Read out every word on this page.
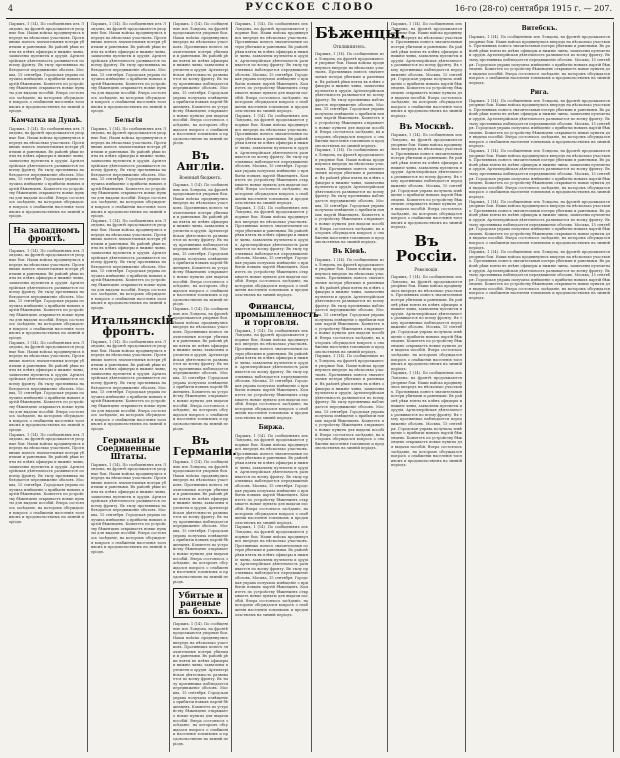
4	РУССКОЕ СЛОВО	16-го (28-го) сентября 1915 г. — 207.
Парижъ, 1 (14). По сообщеніямъ изъ Лондона, на фронтѣ продолжаются упорные бои. Наши войска продвинулись впередъ на нѣсколько участковъ. Противникъ понесъ значительныя потери убитыми и ранеными. Въ районѣ рѣки взяты въ плѣнъ офицеры и нижніе чины, захвачены пулеметы и орудія. Артиллерійская дѣятельность развивается по всему фронту. Въ тылу противника наблюдается передвиженіе обозовъ. Москва, 15 сентября. Городская управа получила извѣщеніе о прибытіи новыхъ партій бѣженцевъ. Комитетъ по устройству бѣженцевъ открываетъ новые пункты для выдачи пособій. Вчера состоялось засѣданіе, на которомъ обсуждался вопросъ о снабженіи населенія топливомъ и продовольствіемъ на зимній періодъ.
Камчатка на Дунаѣ.
Парижъ, 1 (14). По сообщеніямъ изъ Лондона, на фронтѣ продолжаются упорные бои. Наши войска продвинулись впередъ на нѣсколько участковъ. Противникъ понесъ значительныя потери убитыми и ранеными. Въ районѣ рѣки взяты въ плѣнъ офицеры и нижніе чины, захвачены пулеметы и орудія. Артиллерійская дѣятельность развивается по всему фронту. Въ тылу противника наблюдается передвиженіе обозовъ. Москва, 15 сентября. Городская управа получила извѣщеніе о прибытіи новыхъ партій бѣженцевъ. Комитетъ по устройству бѣженцевъ открываетъ новые пункты для выдачи пособій. Вчера состоялось засѣданіе, на которомъ обсуждался вопросъ о снабженіи населенія топливомъ и продовольствіемъ на зимній періодъ.
На западномъ фронтѣ.
Парижъ, 1 (14). По сообщеніямъ изъ Лондона, на фронтѣ продолжаются упорные бои. Наши войска продвинулись впередъ на нѣсколько участковъ. Противникъ понесъ значительныя потери убитыми и ранеными. Въ районѣ рѣки взяты въ плѣнъ офицеры и нижніе чины, захвачены пулеметы и орудія. Артиллерійская дѣятельность развивается по всему фронту. Въ тылу противника наблюдается передвиженіе обозовъ. Москва, 15 сентября. Городская управа получила извѣщеніе о прибытіи новыхъ партій бѣженцевъ. Комитетъ по устройству бѣженцевъ открываетъ новые пункты для выдачи пособій. Вчера состоялось засѣданіе, на которомъ обсуждался вопросъ о снабженіи населенія топливомъ и продовольствіемъ на зимній періодъ.
Парижъ, 1 (14). По сообщеніямъ изъ Лондона, на фронтѣ продолжаются упорные бои. Наши войска продвинулись впередъ на нѣсколько участковъ. Противникъ понесъ значительныя потери убитыми и ранеными. Въ районѣ рѣки взяты въ плѣнъ офицеры и нижніе чины, захвачены пулеметы и орудія. Артиллерійская дѣятельность развивается по всему фронту. Въ тылу противника наблюдается передвиженіе обозовъ. Москва, 15 сентября. Городская управа получила извѣщеніе о прибытіи новыхъ партій бѣженцевъ. Комитетъ по устройству бѣженцевъ открываетъ новые пункты для выдачи пособій. Вчера состоялось засѣданіе, на которомъ обсуждался вопросъ о снабженіи населенія топливомъ и продовольствіемъ на зимній періодъ.
Парижъ, 1 (14). По сообщеніямъ изъ Лондона, на фронтѣ продолжаются упорные бои. Наши войска продвинулись впередъ на нѣсколько участковъ. Противникъ понесъ значительныя потери убитыми и ранеными. Въ районѣ рѣки взяты въ плѣнъ офицеры и нижніе чины, захвачены пулеметы и орудія. Артиллерійская дѣятельность развивается по всему фронту. Въ тылу противника наблюдается передвиженіе обозовъ. Москва, 15 сентября. Городская управа получила извѣщеніе о прибытіи новыхъ партій бѣженцевъ. Комитетъ по устройству бѣженцевъ открываетъ новые пункты для выдачи пособій. Вчера состоялось засѣданіе, на которомъ обсуждался вопросъ о снабженіи населенія топливомъ и продовольствіемъ на зимній періодъ.
Парижъ, 1 (14). По сообщеніямъ изъ Лондона, на фронтѣ продолжаются упорные бои. Наши войска продвинулись впередъ на нѣсколько участковъ. Противникъ понесъ значительныя потери убитыми и ранеными. Въ районѣ рѣки взяты въ плѣнъ офицеры и нижніе чины, захвачены пулеметы и орудія. Артиллерійская дѣятельность развивается по всему фронту. Въ тылу противника наблюдается передвиженіе обозовъ. Москва, 15 сентября. Городская управа получила извѣщеніе о прибытіи новыхъ партій бѣженцевъ. Комитетъ по устройству бѣженцевъ открываетъ новые пункты для выдачи пособій. Вчера состоялось засѣданіе, на которомъ обсуждался вопросъ о снабженіи населенія топливомъ и продовольствіемъ на зимній періодъ.
Бельгія
Парижъ, 1 (14). По сообщеніямъ изъ Лондона, на фронтѣ продолжаются упорные бои. Наши войска продвинулись впередъ на нѣсколько участковъ. Противникъ понесъ значительныя потери убитыми и ранеными. Въ районѣ рѣки взяты въ плѣнъ офицеры и нижніе чины, захвачены пулеметы и орудія. Артиллерійская дѣятельность развивается по всему фронту. Въ тылу противника наблюдается передвиженіе обозовъ. Москва, 15 сентября. Городская управа получила извѣщеніе о прибытіи новыхъ партій бѣженцевъ. Комитетъ по устройству бѣженцевъ открываетъ новые пункты для выдачи пособій. Вчера состоялось засѣданіе, на которомъ обсуждался вопросъ о снабженіи населенія топливомъ и продовольствіемъ на зимній періодъ.
Парижъ, 1 (14). По сообщеніямъ изъ Лондона, на фронтѣ продолжаются упорные бои. Наши войска продвинулись впередъ на нѣсколько участковъ. Противникъ понесъ значительныя потери убитыми и ранеными. Въ районѣ рѣки взяты въ плѣнъ офицеры и нижніе чины, захвачены пулеметы и орудія. Артиллерійская дѣятельность развивается по всему фронту. Въ тылу противника наблюдается передвиженіе обозовъ. Москва, 15 сентября. Городская управа получила извѣщеніе о прибытіи новыхъ партій бѣженцевъ. Комитетъ по устройству бѣженцевъ открываетъ новые пункты для выдачи пособій. Вчера состоялось засѣданіе, на которомъ обсуждался вопросъ о снабженіи населенія топливомъ и продовольствіемъ на зимній періодъ.
Итальянскій фронтъ.
Парижъ, 1 (14). По сообщеніямъ изъ Лондона, на фронтѣ продолжаются упорные бои. Наши войска продвинулись впередъ на нѣсколько участковъ. Противникъ понесъ значительныя потери убитыми и ранеными. Въ районѣ рѣки взяты въ плѣнъ офицеры и нижніе чины, захвачены пулеметы и орудія. Артиллерійская дѣятельность развивается по всему фронту. Въ тылу противника наблюдается передвиженіе обозовъ. Москва, 15 сентября. Городская управа получила извѣщеніе о прибытіи новыхъ партій бѣженцевъ. Комитетъ по устройству бѣженцевъ открываетъ новые пункты для выдачи пособій. Вчера состоялось засѣданіе, на которомъ обсуждался вопросъ о снабженіи населенія топливомъ и продовольствіемъ на зимній періодъ.
Германія и Соединенные Штаты.
Парижъ, 1 (14). По сообщеніямъ изъ Лондона, на фронтѣ продолжаются упорные бои. Наши войска продвинулись впередъ на нѣсколько участковъ. Противникъ понесъ значительныя потери убитыми и ранеными. Въ районѣ рѣки взяты въ плѣнъ офицеры и нижніе чины, захвачены пулеметы и орудія. Артиллерійская дѣятельность развивается по всему фронту. Въ тылу противника наблюдается передвиженіе обозовъ. Москва, 15 сентября. Городская управа получила извѣщеніе о прибытіи новыхъ партій бѣженцевъ. Комитетъ по устройству бѣженцевъ открываетъ новые пункты для выдачи пособій. Вчера состоялось засѣданіе, на которомъ обсуждался вопросъ о снабженіи населенія топливомъ и продовольствіемъ на зимній періодъ.
Парижъ, 1 (14). По сообщеніямъ изъ Лондона, на фронтѣ продолжаются упорные бои. Наши войска продвинулись впередъ на нѣсколько участковъ. Противникъ понесъ значительныя потери убитыми и ранеными. Въ районѣ рѣки взяты въ плѣнъ офицеры и нижніе чины, захвачены пулеметы и орудія. Артиллерійская дѣятельность развивается по всему фронту. Въ тылу противника наблюдается передвиженіе обозовъ. Москва, 15 сентября. Городская управа получила извѣщеніе о прибытіи новыхъ партій бѣженцевъ. Комитетъ по устройству бѣженцевъ открываетъ новые пункты для выдачи пособій. Вчера состоялось засѣданіе, на которомъ обсуждался вопросъ о снабженіи населенія топливомъ и продовольствіемъ на зимній періодъ.
Въ Англіи.
Военный бюджетъ.
Парижъ, 1 (14). По сообщеніямъ изъ Лондона, на фронтѣ продолжаются упорные бои. Наши войска продвинулись впередъ на нѣсколько участковъ. Противникъ понесъ значительныя потери убитыми и ранеными. Въ районѣ рѣки взяты въ плѣнъ офицеры и нижніе чины, захвачены пулеметы и орудія. Артиллерійская дѣятельность развивается по всему фронту. Въ тылу противника наблюдается передвиженіе обозовъ. Москва, 15 сентября. Городская управа получила извѣщеніе о прибытіи новыхъ партій бѣженцевъ. Комитетъ по устройству бѣженцевъ открываетъ новые пункты для выдачи пособій. Вчера состоялось засѣданіе, на которомъ обсуждался вопросъ о снабженіи населенія топливомъ и продовольствіемъ на зимній періодъ.
Парижъ, 1 (14). По сообщеніямъ изъ Лондона, на фронтѣ продолжаются упорные бои. Наши войска продвинулись впередъ на нѣсколько участковъ. Противникъ понесъ значительныя потери убитыми и ранеными. Въ районѣ рѣки взяты въ плѣнъ офицеры и нижніе чины, захвачены пулеметы и орудія. Артиллерійская дѣятельность развивается по всему фронту. Въ тылу противника наблюдается передвиженіе обозовъ. Москва, 15 сентября. Городская управа получила извѣщеніе о прибытіи новыхъ партій бѣженцевъ. Комитетъ по устройству бѣженцевъ открываетъ новые пункты для выдачи пособій. Вчера состоялось засѣданіе, на которомъ обсуждался вопросъ о снабженіи населенія топливомъ и продовольствіемъ на зимній періодъ.
Въ Германіи.
Парижъ, 1 (14). По сообщеніямъ изъ Лондона, на фронтѣ продолжаются упорные бои. Наши войска продвинулись впередъ на нѣсколько участковъ. Противникъ понесъ значительныя потери убитыми и ранеными. Въ районѣ рѣки взяты въ плѣнъ офицеры и нижніе чины, захвачены пулеметы и орудія. Артиллерійская дѣятельность развивается по всему фронту. Въ тылу противника наблюдается передвиженіе обозовъ. Москва, 15 сентября. Городская управа получила извѣщеніе о прибытіи новыхъ партій бѣженцевъ. Комитетъ по устройству бѣженцевъ открываетъ новые пункты для выдачи пособій. Вчера состоялось засѣданіе, на которомъ обсуждался вопросъ о снабженіи населенія топливомъ и продовольствіемъ на зимній періодъ.
Убитые и раненые въ бояхъ.
Парижъ, 1 (14). По сообщеніямъ изъ Лондона, на фронтѣ продолжаются упорные бои. Наши войска продвинулись впередъ на нѣсколько участковъ. Противникъ понесъ значительныя потери убитыми и ранеными. Въ районѣ рѣки взяты въ плѣнъ офицеры и нижніе чины, захвачены пулеметы и орудія. Артиллерійская дѣятельность развивается по всему фронту. Въ тылу противника наблюдается передвиженіе обозовъ. Москва, 15 сентября. Городская управа получила извѣщеніе о прибытіи новыхъ партій бѣженцевъ. Комитетъ по устройству бѣженцевъ открываетъ новые пункты для выдачи пособій. Вчера состоялось засѣданіе, на которомъ обсуждался вопросъ о снабженіи населенія топливомъ и продовольствіемъ на зимній періодъ.
Парижъ, 1 (14). По сообщеніямъ изъ Лондона, на фронтѣ продолжаются упорные бои. Наши войска продвинулись впередъ на нѣсколько участковъ. Противникъ понесъ значительныя потери убитыми и ранеными. Въ районѣ рѣки взяты въ плѣнъ офицеры и нижніе чины, захвачены пулеметы и орудія. Артиллерійская дѣятельность развивается по всему фронту. Въ тылу противника наблюдается передвиженіе обозовъ. Москва, 15 сентября. Городская управа получила извѣщеніе о прибытіи новыхъ партій бѣженцевъ. Комитетъ по устройству бѣженцевъ открываетъ новые пункты для выдачи пособій. Вчера состоялось засѣданіе, на которомъ обсуждался вопросъ о снабженіи населенія топливомъ и продовольствіемъ на зимній періодъ.
Парижъ, 1 (14). По сообщеніямъ изъ Лондона, на фронтѣ продолжаются упорные бои. Наши войска продвинулись впередъ на нѣсколько участковъ. Противникъ понесъ значительныя потери убитыми и ранеными. Въ районѣ рѣки взяты въ плѣнъ офицеры и нижніе чины, захвачены пулеметы и орудія. Артиллерійская дѣятельность развивается по всему фронту. Въ тылу противника наблюдается передвиженіе обозовъ. Москва, 15 сентября. Городская управа получила извѣщеніе о прибытіи новыхъ партій бѣженцевъ. Комитетъ по устройству бѣженцевъ открываетъ новые пункты для выдачи пособій. Вчера состоялось засѣданіе, на которомъ обсуждался вопросъ о снабженіи населенія топливомъ и продовольствіемъ на зимній періодъ.
Парижъ, 1 (14). По сообщеніямъ изъ Лондона, на фронтѣ продолжаются упорные бои. Наши войска продвинулись впередъ на нѣсколько участковъ. Противникъ понесъ значительныя потери убитыми и ранеными. Въ районѣ рѣки взяты въ плѣнъ офицеры и нижніе чины, захвачены пулеметы и орудія. Артиллерійская дѣятельность развивается по всему фронту. Въ тылу противника наблюдается передвиженіе обозовъ. Москва, 15 сентября. Городская управа получила извѣщеніе о прибытіи новыхъ партій бѣженцевъ. Комитетъ по устройству бѣженцевъ открываетъ новые пункты для выдачи пособій. Вчера состоялось засѣданіе, на которомъ обсуждался вопросъ о снабженіи населенія топливомъ и продовольствіемъ на зимній періодъ.
Финансы, промышленность и торговля.
Парижъ, 1 (14). По сообщеніямъ изъ Лондона, на фронтѣ продолжаются упорные бои. Наши войска продвинулись впередъ на нѣсколько участковъ. Противникъ понесъ значительныя потери убитыми и ранеными. Въ районѣ рѣки взяты въ плѣнъ офицеры и нижніе чины, захвачены пулеметы и орудія. Артиллерійская дѣятельность развивается по всему фронту. Въ тылу противника наблюдается передвиженіе обозовъ. Москва, 15 сентября. Городская управа получила извѣщеніе о прибытіи новыхъ партій бѣженцевъ. Комитетъ по устройству бѣженцевъ открываетъ новые пункты для выдачи пособій. Вчера состоялось засѣданіе, на которомъ обсуждался вопросъ о снабженіи населенія топливомъ и продовольствіемъ на зимній періодъ.
Биржа.
Парижъ, 1 (14). По сообщеніямъ изъ Лондона, на фронтѣ продолжаются упорные бои. Наши войска продвинулись впередъ на нѣсколько участковъ. Противникъ понесъ значительныя потери убитыми и ранеными. Въ районѣ рѣки взяты въ плѣнъ офицеры и нижніе чины, захвачены пулеметы и орудія. Артиллерійская дѣятельность развивается по всему фронту. Въ тылу противника наблюдается передвиженіе обозовъ. Москва, 15 сентября. Городская управа получила извѣщеніе о прибытіи новыхъ партій бѣженцевъ. Комитетъ по устройству бѣженцевъ открываетъ новые пункты для выдачи пособій. Вчера состоялось засѣданіе, на которомъ обсуждался вопросъ о снабженіи населенія топливомъ и продовольствіемъ на зимній періодъ.
Парижъ, 1 (14). По сообщеніямъ изъ Лондона, на фронтѣ продолжаются упорные бои. Наши войска продвинулись впередъ на нѣсколько участковъ. Противникъ понесъ значительныя потери убитыми и ранеными. Въ районѣ рѣки взяты въ плѣнъ офицеры и нижніе чины, захвачены пулеметы и орудія. Артиллерійская дѣятельность развивается по всему фронту. Въ тылу противника наблюдается передвиженіе обозовъ. Москва, 15 сентября. Городская управа получила извѣщеніе о прибытіи новыхъ партій бѣженцевъ. Комитетъ по устройству бѣженцевъ открываетъ новые пункты для выдачи пособій. Вчера состоялось засѣданіе, на которомъ обсуждался вопросъ о снабженіи населенія топливомъ и продовольствіемъ на зимній періодъ.
Бѣженцы.
Откликнитесь.
Парижъ, 1 (14). По сообщеніямъ изъ Лондона, на фронтѣ продолжаются упорные бои. Наши войска продвинулись впередъ на нѣсколько участковъ. Противникъ понесъ значительныя потери убитыми и ранеными. Въ районѣ рѣки взяты въ плѣнъ офицеры и нижніе чины, захвачены пулеметы и орудія. Артиллерійская дѣятельность развивается по всему фронту. Въ тылу противника наблюдается передвиженіе обозовъ. Москва, 15 сентября. Городская управа получила извѣщеніе о прибытіи новыхъ партій бѣженцевъ. Комитетъ по устройству бѣженцевъ открываетъ новые пункты для выдачи пособій. Вчера состоялось засѣданіе, на которомъ обсуждался вопросъ о снабженіи населенія топливомъ и продовольствіемъ на зимній періодъ.
Парижъ, 1 (14). По сообщеніямъ изъ Лондона, на фронтѣ продолжаются упорные бои. Наши войска продвинулись впередъ на нѣсколько участковъ. Противникъ понесъ значительныя потери убитыми и ранеными. Въ районѣ рѣки взяты въ плѣнъ офицеры и нижніе чины, захвачены пулеметы и орудія. Артиллерійская дѣятельность развивается по всему фронту. Въ тылу противника наблюдается передвиженіе обозовъ. Москва, 15 сентября. Городская управа получила извѣщеніе о прибытіи новыхъ партій бѣженцевъ. Комитетъ по устройству бѣженцевъ открываетъ новые пункты для выдачи пособій. Вчера состоялось засѣданіе, на которомъ обсуждался вопросъ о снабженіи населенія топливомъ и продовольствіемъ на зимній періодъ.
Въ Кіевѣ.
Парижъ, 1 (14). По сообщеніямъ изъ Лондона, на фронтѣ продолжаются упорные бои. Наши войска продвинулись впередъ на нѣсколько участковъ. Противникъ понесъ значительныя потери убитыми и ранеными. Въ районѣ рѣки взяты въ плѣнъ офицеры и нижніе чины, захвачены пулеметы и орудія. Артиллерійская дѣятельность развивается по всему фронту. Въ тылу противника наблюдается передвиженіе обозовъ. Москва, 15 сентября. Городская управа получила извѣщеніе о прибытіи новыхъ партій бѣженцевъ. Комитетъ по устройству бѣженцевъ открываетъ новые пункты для выдачи пособій. Вчера состоялось засѣданіе, на которомъ обсуждался вопросъ о снабженіи населенія топливомъ и продовольствіемъ на зимній періодъ.
Парижъ, 1 (14). По сообщеніямъ изъ Лондона, на фронтѣ продолжаются упорные бои. Наши войска продвинулись впередъ на нѣсколько участковъ. Противникъ понесъ значительныя потери убитыми и ранеными. Въ районѣ рѣки взяты въ плѣнъ офицеры и нижніе чины, захвачены пулеметы и орудія. Артиллерійская дѣятельность развивается по всему фронту. Въ тылу противника наблюдается передвиженіе обозовъ. Москва, 15 сентября. Городская управа получила извѣщеніе о прибытіи новыхъ партій бѣженцевъ. Комитетъ по устройству бѣженцевъ открываетъ новые пункты для выдачи пособій. Вчера состоялось засѣданіе, на которомъ обсуждался вопросъ о снабженіи населенія топливомъ и продовольствіемъ на зимній періодъ.
Парижъ, 1 (14). По сообщеніямъ изъ Лондона, на фронтѣ продолжаются упорные бои. Наши войска продвинулись впередъ на нѣсколько участковъ. Противникъ понесъ значительныя потери убитыми и ранеными. Въ районѣ рѣки взяты въ плѣнъ офицеры и нижніе чины, захвачены пулеметы и орудія. Артиллерійская дѣятельность развивается по всему фронту. Въ тылу противника наблюдается передвиженіе обозовъ. Москва, 15 сентября. Городская управа получила извѣщеніе о прибытіи новыхъ партій бѣженцевъ. Комитетъ по устройству бѣженцевъ открываетъ новые пункты для выдачи пособій. Вчера состоялось засѣданіе, на которомъ обсуждался вопросъ о снабженіи населенія топливомъ и продовольствіемъ на зимній періодъ.
Въ Москвѣ.
Парижъ, 1 (14). По сообщеніямъ изъ Лондона, на фронтѣ продолжаются упорные бои. Наши войска продвинулись впередъ на нѣсколько участковъ. Противникъ понесъ значительныя потери убитыми и ранеными. Въ районѣ рѣки взяты въ плѣнъ офицеры и нижніе чины, захвачены пулеметы и орудія. Артиллерійская дѣятельность развивается по всему фронту. Въ тылу противника наблюдается передвиженіе обозовъ. Москва, 15 сентября. Городская управа получила извѣщеніе о прибытіи новыхъ партій бѣженцевъ. Комитетъ по устройству бѣженцевъ открываетъ новые пункты для выдачи пособій. Вчера состоялось засѣданіе, на которомъ обсуждался вопросъ о снабженіи населенія топливомъ и продовольствіемъ на зимній періодъ.
Въ Россіи.
Революція.
Парижъ, 1 (14). По сообщеніямъ изъ Лондона, на фронтѣ продолжаются упорные бои. Наши войска продвинулись впередъ на нѣсколько участковъ. Противникъ понесъ значительныя потери убитыми и ранеными. Въ районѣ рѣки взяты въ плѣнъ офицеры и нижніе чины, захвачены пулеметы и орудія. Артиллерійская дѣятельность развивается по всему фронту. Въ тылу противника наблюдается передвиженіе обозовъ. Москва, 15 сентября. Городская управа получила извѣщеніе о прибытіи новыхъ партій бѣженцевъ. Комитетъ по устройству бѣженцевъ открываетъ новые пункты для выдачи пособій. Вчера состоялось засѣданіе, на которомъ обсуждался вопросъ о снабженіи населенія топливомъ и продовольствіемъ на зимній періодъ.
Парижъ, 1 (14). По сообщеніямъ изъ Лондона, на фронтѣ продолжаются упорные бои. Наши войска продвинулись впередъ на нѣсколько участковъ. Противникъ понесъ значительныя потери убитыми и ранеными. Въ районѣ рѣки взяты въ плѣнъ офицеры и нижніе чины, захвачены пулеметы и орудія. Артиллерійская дѣятельность развивается по всему фронту. Въ тылу противника наблюдается передвиженіе обозовъ. Москва, 15 сентября. Городская управа получила извѣщеніе о прибытіи новыхъ партій бѣженцевъ. Комитетъ по устройству бѣженцевъ открываетъ новые пункты для выдачи пособій. Вчера состоялось засѣданіе, на которомъ обсуждался вопросъ о снабженіи населенія топливомъ и продовольствіемъ на зимній періодъ.
Витебскъ.
Парижъ, 1 (14). По сообщеніямъ изъ Лондона, на фронтѣ продолжаются упорные бои. Наши войска продвинулись впередъ на нѣсколько участковъ. Противникъ понесъ значительныя потери убитыми и ранеными. Въ районѣ рѣки взяты въ плѣнъ офицеры и нижніе чины, захвачены пулеметы и орудія. Артиллерійская дѣятельность развивается по всему фронту. Въ тылу противника наблюдается передвиженіе обозовъ. Москва, 15 сентября. Городская управа получила извѣщеніе о прибытіи новыхъ партій бѣженцевъ. Комитетъ по устройству бѣженцевъ открываетъ новые пункты для выдачи пособій. Вчера состоялось засѣданіе, на которомъ обсуждался вопросъ о снабженіи населенія топливомъ и продовольствіемъ на зимній періодъ.
Рига.
Парижъ, 1 (14). По сообщеніямъ изъ Лондона, на фронтѣ продолжаются упорные бои. Наши войска продвинулись впередъ на нѣсколько участковъ. Противникъ понесъ значительныя потери убитыми и ранеными. Въ районѣ рѣки взяты въ плѣнъ офицеры и нижніе чины, захвачены пулеметы и орудія. Артиллерійская дѣятельность развивается по всему фронту. Въ тылу противника наблюдается передвиженіе обозовъ. Москва, 15 сентября. Городская управа получила извѣщеніе о прибытіи новыхъ партій бѣженцевъ. Комитетъ по устройству бѣженцевъ открываетъ новые пункты для выдачи пособій. Вчера состоялось засѣданіе, на которомъ обсуждался вопросъ о снабженіи населенія топливомъ и продовольствіемъ на зимній періодъ.
Парижъ, 1 (14). По сообщеніямъ изъ Лондона, на фронтѣ продолжаются упорные бои. Наши войска продвинулись впередъ на нѣсколько участковъ. Противникъ понесъ значительныя потери убитыми и ранеными. Въ районѣ рѣки взяты въ плѣнъ офицеры и нижніе чины, захвачены пулеметы и орудія. Артиллерійская дѣятельность развивается по всему фронту. Въ тылу противника наблюдается передвиженіе обозовъ. Москва, 15 сентября. Городская управа получила извѣщеніе о прибытіи новыхъ партій бѣженцевъ. Комитетъ по устройству бѣженцевъ открываетъ новые пункты для выдачи пособій. Вчера состоялось засѣданіе, на которомъ обсуждался вопросъ о снабженіи населенія топливомъ и продовольствіемъ на зимній періодъ.
Парижъ, 1 (14). По сообщеніямъ изъ Лондона, на фронтѣ продолжаются упорные бои. Наши войска продвинулись впередъ на нѣсколько участковъ. Противникъ понесъ значительныя потери убитыми и ранеными. Въ районѣ рѣки взяты въ плѣнъ офицеры и нижніе чины, захвачены пулеметы и орудія. Артиллерійская дѣятельность развивается по всему фронту. Въ тылу противника наблюдается передвиженіе обозовъ. Москва, 15 сентября. Городская управа получила извѣщеніе о прибытіи новыхъ партій бѣженцевъ. Комитетъ по устройству бѣженцевъ открываетъ новые пункты для выдачи пособій. Вчера состоялось засѣданіе, на которомъ обсуждался вопросъ о снабженіи населенія топливомъ и продовольствіемъ на зимній періодъ.
Парижъ, 1 (14). По сообщеніямъ изъ Лондона, на фронтѣ продолжаются упорные бои. Наши войска продвинулись впередъ на нѣсколько участковъ. Противникъ понесъ значительныя потери убитыми и ранеными. Въ районѣ рѣки взяты въ плѣнъ офицеры и нижніе чины, захвачены пулеметы и орудія. Артиллерійская дѣятельность развивается по всему фронту. Въ тылу противника наблюдается передвиженіе обозовъ. Москва, 15 сентября. Городская управа получила извѣщеніе о прибытіи новыхъ партій бѣженцевъ. Комитетъ по устройству бѣженцевъ открываетъ новые пункты для выдачи пособій. Вчера состоялось засѣданіе, на которомъ обсуждался вопросъ о снабженіи населенія топливомъ и продовольствіемъ на зимній періодъ.
